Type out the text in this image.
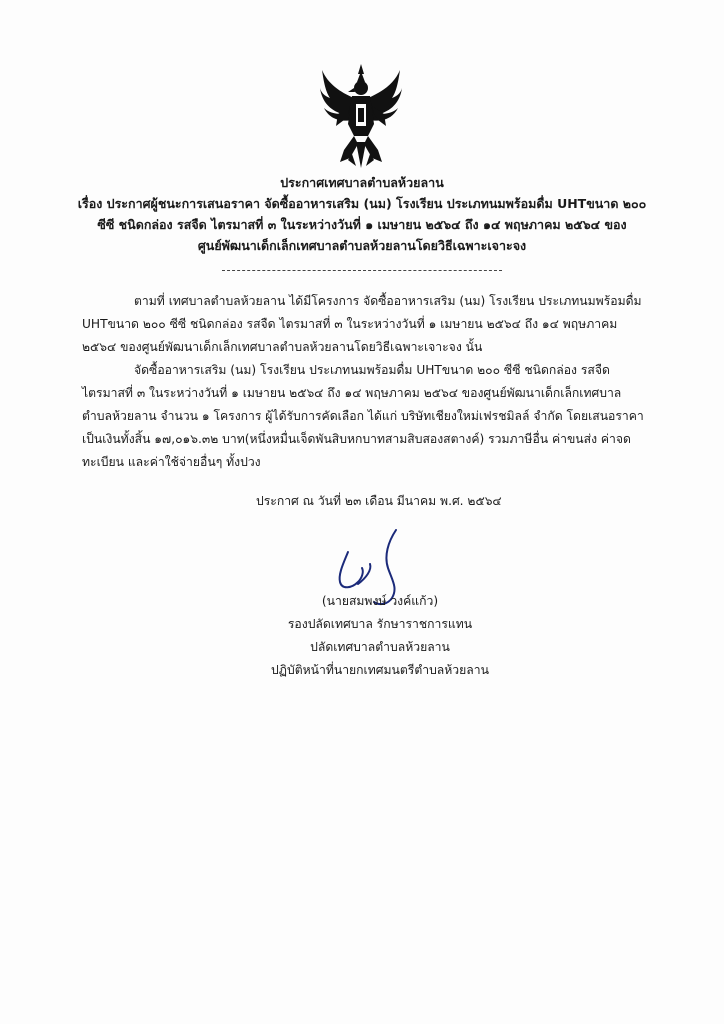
ประกาศเทศบาลตำบลห้วยลาน
เรื่อง ประกาศผู้ชนะการเสนอราคา จัดซื้ออาหารเสริม (นม) โรงเรียน ประเภทนมพร้อมดื่ม UHTขนาด ๒๐๐
ซีซี ชนิดกล่อง รสจืด ไตรมาสที่ ๓ ในระหว่างวันที่ ๑ เมษายน ๒๕๖๔ ถึง ๑๔ พฤษภาคม ๒๕๖๔ ของ
ศูนย์พัฒนาเด็กเล็กเทศบาลตำบลห้วยลานโดยวิธีเฉพาะเจาะจง
ตามที่ เทศบาลตำบลห้วยลาน ได้มีโครงการ จัดซื้ออาหารเสริม (นม) โรงเรียน ประเภทนมพร้อมดื่ม
UHTขนาด ๒๐๐ ซีซี ชนิดกล่อง รสจืด ไตรมาสที่ ๓ ในระหว่างวันที่ ๑ เมษายน ๒๕๖๔ ถึง ๑๔ พฤษภาคม
๒๕๖๔ ของศูนย์พัฒนาเด็กเล็กเทศบาลตำบลห้วยลานโดยวิธีเฉพาะเจาะจง นั้น
จัดซื้ออาหารเสริม (นม) โรงเรียน ประเภทนมพร้อมดื่ม UHTขนาด ๒๐๐ ซีซี ชนิดกล่อง รสจืด
ไตรมาสที่ ๓ ในระหว่างวันที่ ๑ เมษายน ๒๕๖๔ ถึง ๑๔ พฤษภาคม ๒๕๖๔ ของศูนย์พัฒนาเด็กเล็กเทศบาล
ตำบลห้วยลาน จำนวน ๑ โครงการ ผู้ได้รับการคัดเลือก ได้แก่ บริษัทเชียงใหม่เฟรชมิลล์ จำกัด โดยเสนอราคา
เป็นเงินทั้งสิ้น ๑๗,๐๑๖.๓๒ บาท(หนึ่งหมื่นเจ็ดพันสิบหกบาทสามสิบสองสตางค์) รวมภาษีอื่น ค่าขนส่ง ค่าจด
ทะเบียน และค่าใช้จ่ายอื่นๆ ทั้งปวง
ประกาศ ณ วันที่ ๒๓ เดือน มีนาคม พ.ศ. ๒๕๖๔
(นายสมพงษ์ วงค์แก้ว)
รองปลัดเทศบาล รักษาราชการแทน
ปลัดเทศบาลตำบลห้วยลาน
ปฏิบัติหน้าที่นายกเทศมนตรีตำบลห้วยลาน
